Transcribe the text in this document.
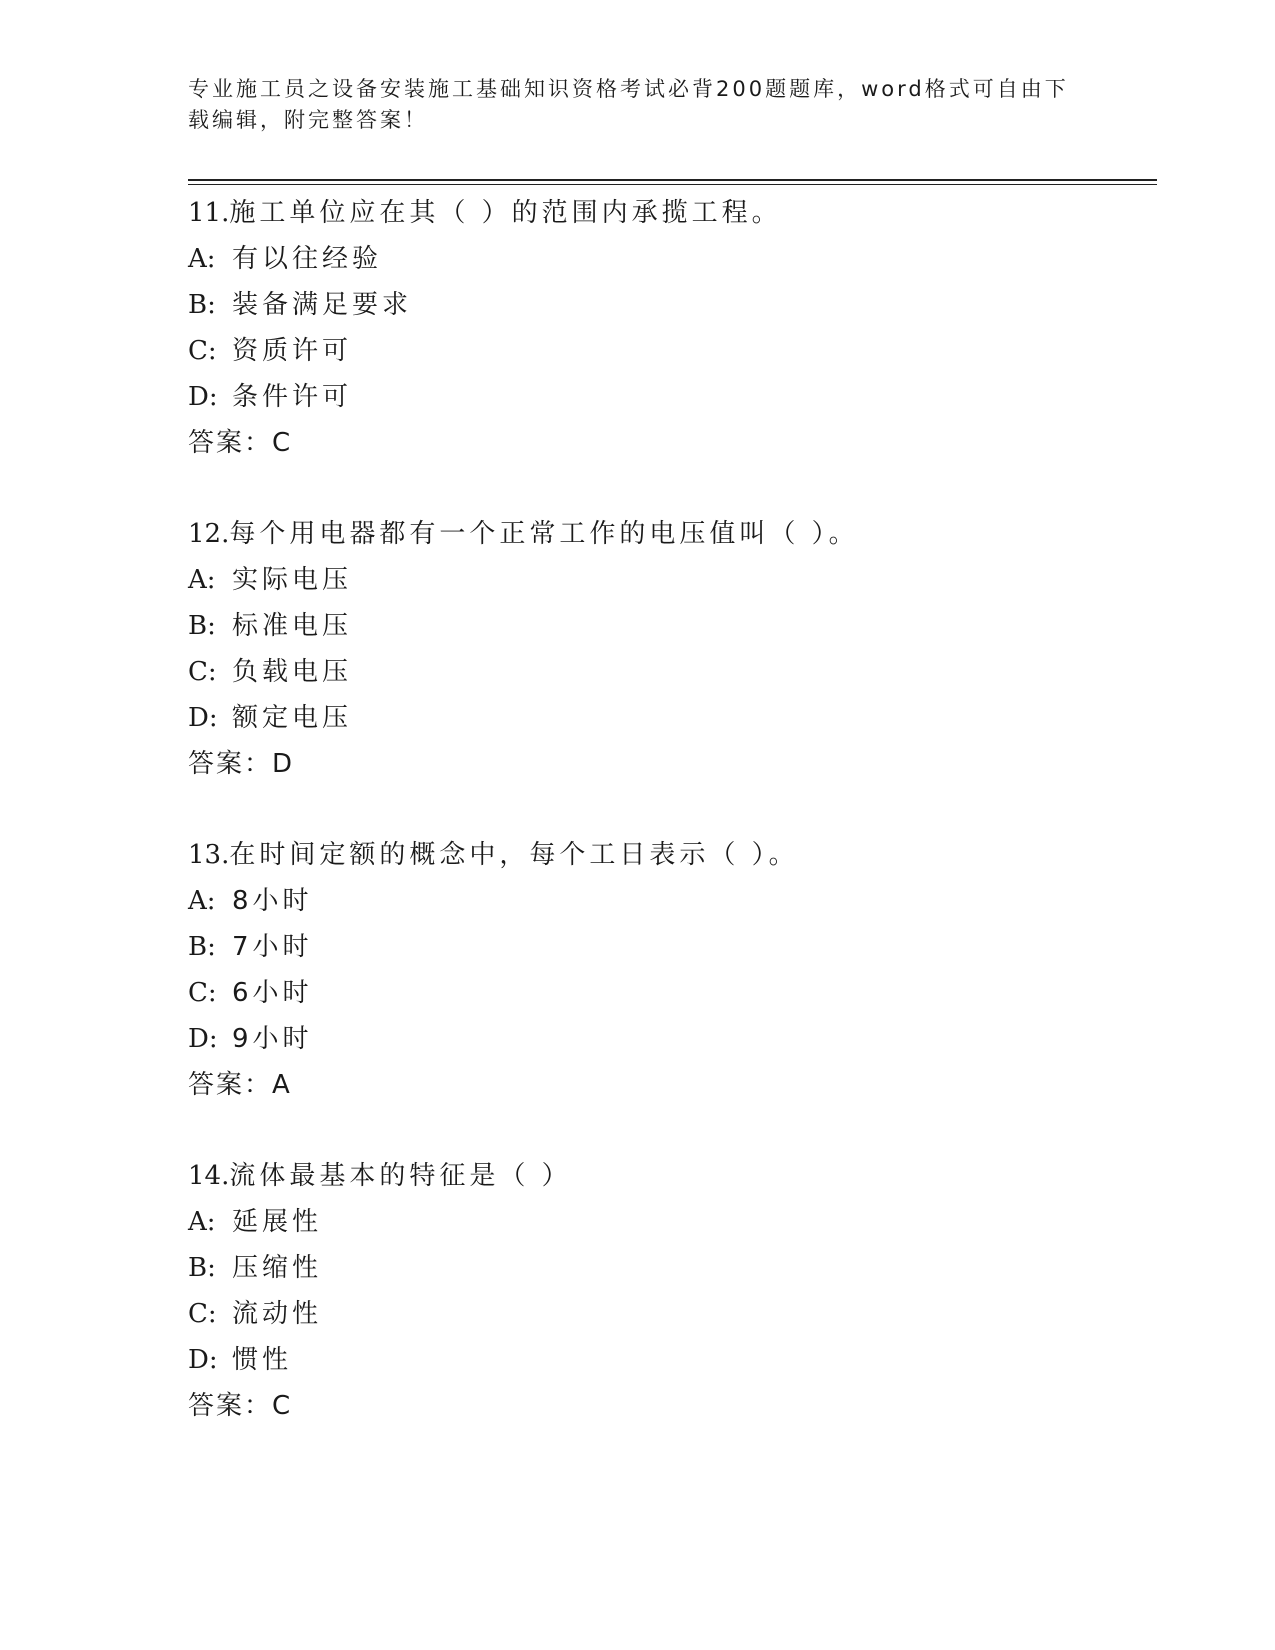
专业施工员之设备安装施工基础知识资格考试必背200题题库，word格式可自由下载编辑，附完整答案！
11.施工单位应在其（ ）的范围内承揽工程。
A: 有以往经验
B: 装备满足要求
C: 资质许可
D: 条件许可
答案：C
12.每个用电器都有一个正常工作的电压值叫（ ）。
A: 实际电压
B: 标准电压
C: 负载电压
D: 额定电压
答案：D
13.在时间定额的概念中，每个工日表示（ ）。
A: 8小时
B: 7小时
C: 6小时
D: 9小时
答案：A
14.流体最基本的特征是（ ）
A: 延展性
B: 压缩性
C: 流动性
D: 惯性
答案：C
